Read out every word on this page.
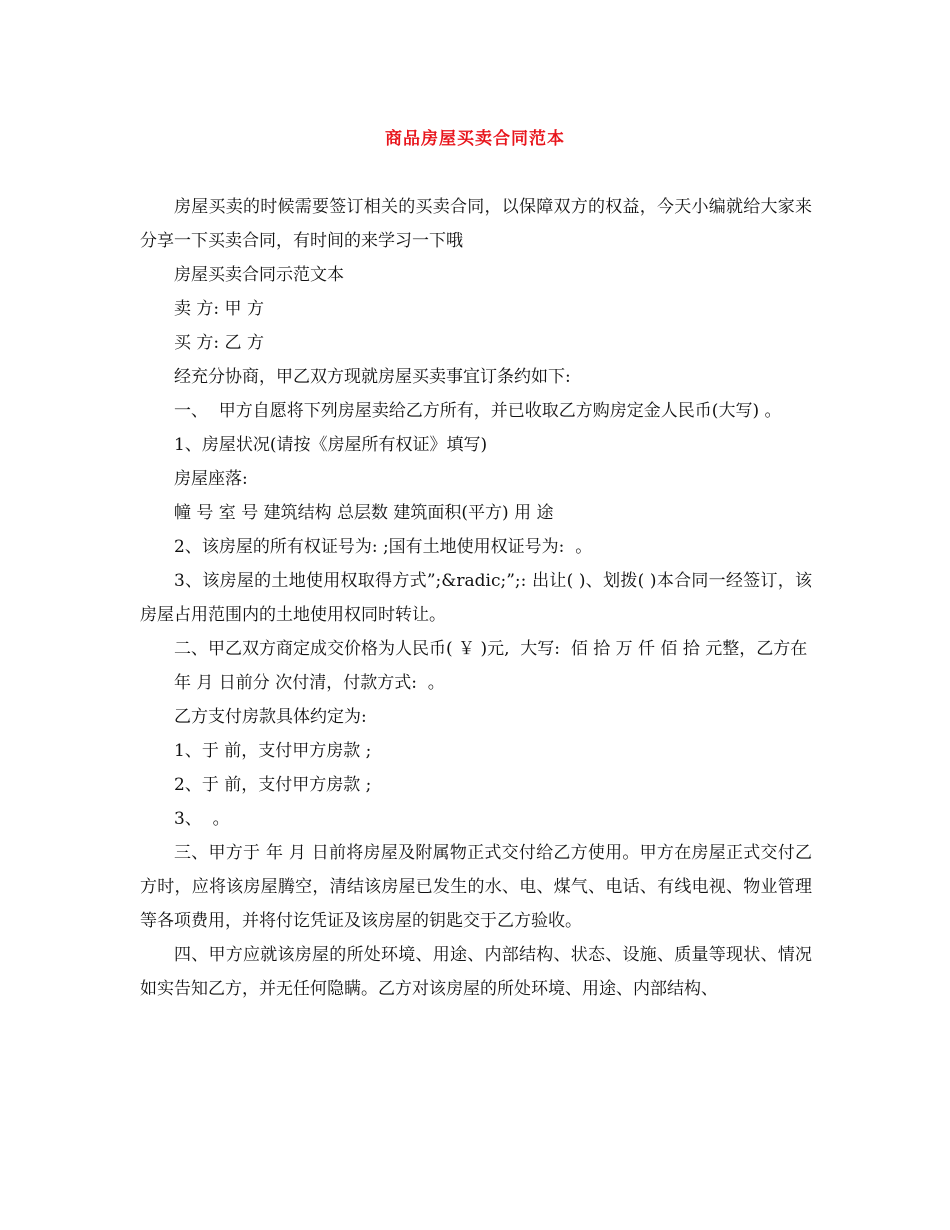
商品房屋买卖合同范本

房屋买卖的时候需要签订相关的买卖合同，以保障双方的权益，今天小编就给大家来分享一下买卖合同，有时间的来学习一下哦

房屋买卖合同示范文本

卖 方: 甲 方

买 方: 乙 方

经充分协商，甲乙双方现就房屋买卖事宜订条约如下:

一、  甲方自愿将下列房屋卖给乙方所有，并已收取乙方购房定金人民币(大写) 。

1、房屋状况(请按《房屋所有权证》填写)

房屋座落:

幢 号 室 号 建筑结构 总层数 建筑面积(平方) 用 途

2、该房屋的所有权证号为: ;国有土地使用权证号为:  。

3、该房屋的土地使用权取得方式”;&radic;”;: 出让( )、划拨( )本合同一经签订，该房屋占用范围内的土地使用权同时转让。

二、甲乙双方商定成交价格为人民币( ￥ )元,  大写:  佰 拾 万 仟 佰 拾 元整，乙方在

年 月 日前分 次付清，付款方式:  。

乙方支付房款具体约定为:

1、于 前，支付甲方房款 ;

2、于 前，支付甲方房款 ;

3、  。

三、甲方于 年 月 日前将房屋及附属物正式交付给乙方使用。甲方在房屋正式交付乙方时，应将该房屋腾空，清结该房屋已发生的水、电、煤气、电话、有线电视、物业管理等各项费用，并将付讫凭证及该房屋的钥匙交于乙方验收。

四、甲方应就该房屋的所处环境、用途、内部结构、状态、设施、质量等现状、情况如实告知乙方，并无任何隐瞒。乙方对该房屋的所处环境、用途、内部结构、
